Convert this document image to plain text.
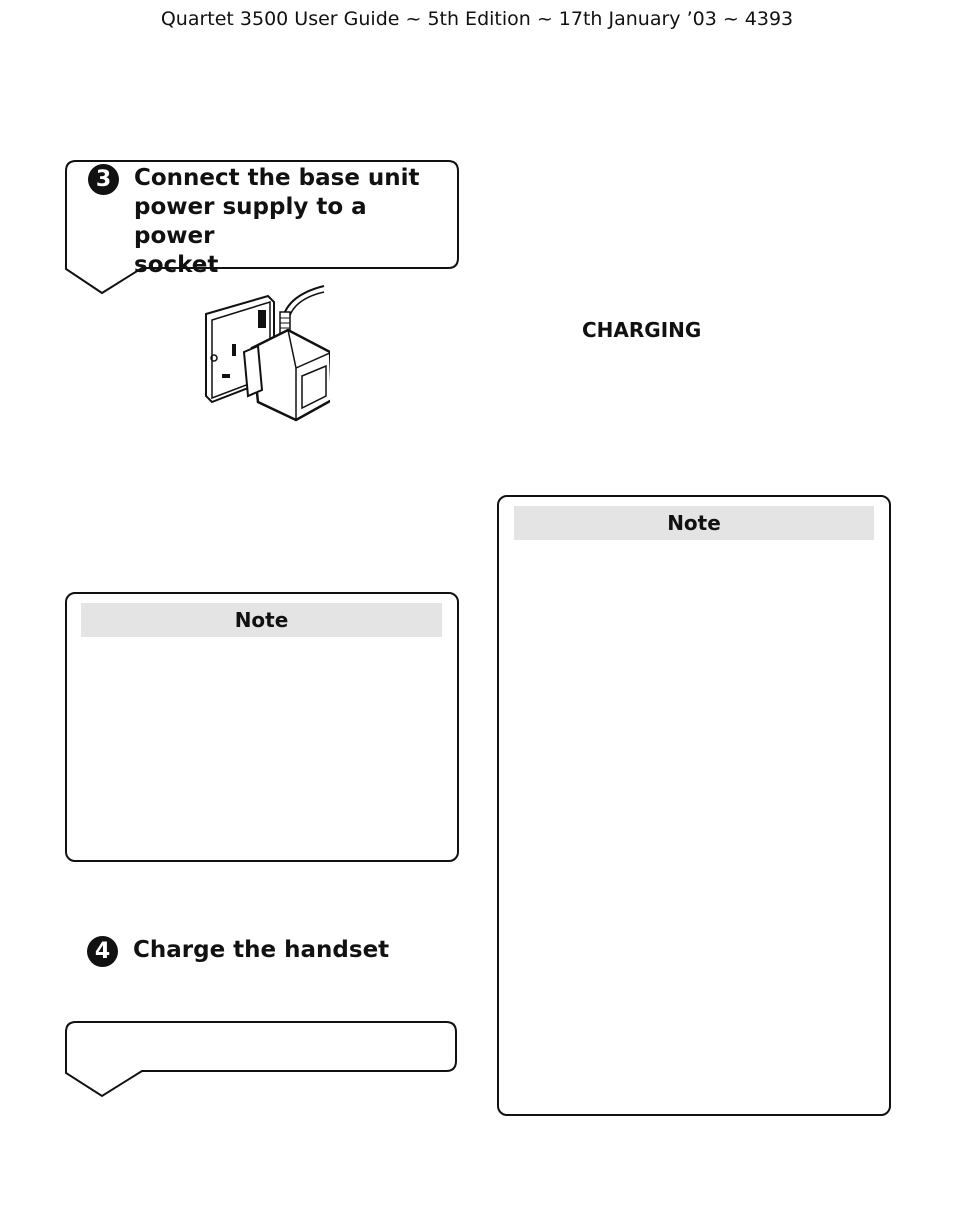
Quartet 3500 User Guide ~ 5th Edition ~ 17th January ’03 ~ 4393
3 Connect the base unit
power supply to a power
socket
CHARGING
Note
Note
4 Charge the handset
